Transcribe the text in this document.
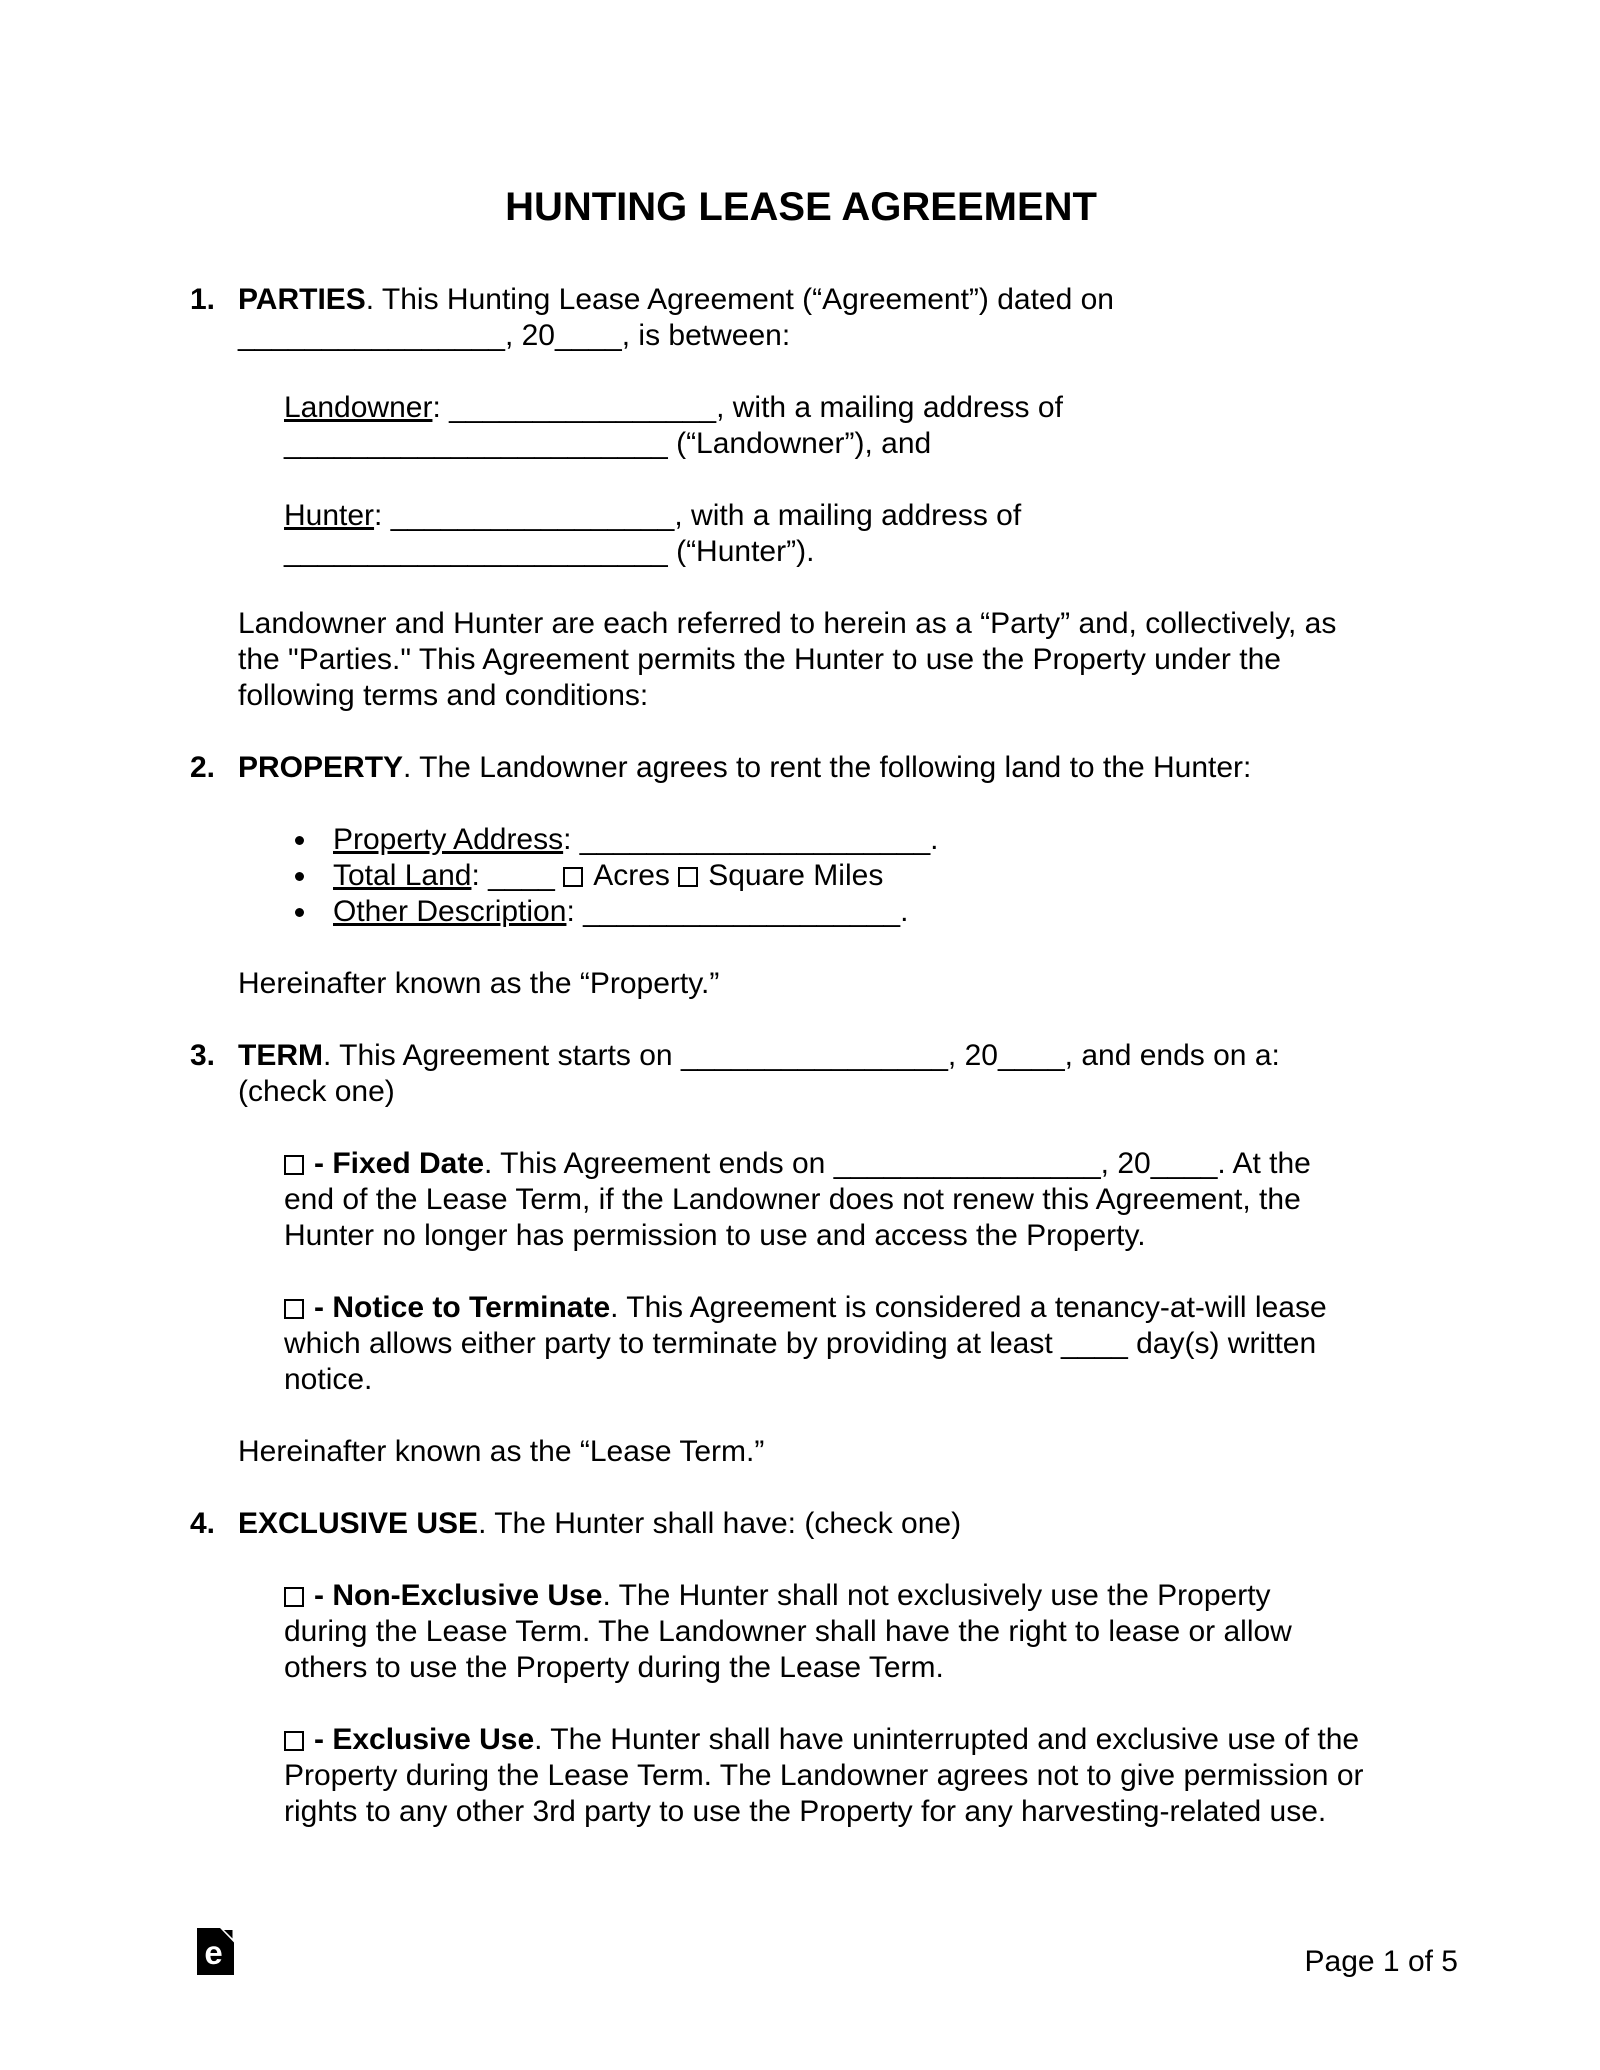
HUNTING LEASE AGREEMENT
1. PARTIES. This Hunting Lease Agreement (“Agreement”) dated on
________________, 20____, is between:

Landowner: ________________, with a mailing address of
_______________________ (“Landowner”), and

Hunter: _________________, with a mailing address of
_______________________ (“Hunter”).

Landowner and Hunter are each referred to herein as a “Party” and, collectively, as
the "Parties." This Agreement permits the Hunter to use the Property under the
following terms and conditions:

2. PROPERTY. The Landowner agrees to rent the following land to the Hunter:

Property Address: _____________________.
Total Land: ____ Acres Square Miles
Other Description: ___________________.

Hereinafter known as the “Property.”

3. TERM. This Agreement starts on ________________, 20____, and ends on a:
(check one)

- Fixed Date. This Agreement ends on ________________, 20____. At the
end of the Lease Term, if the Landowner does not renew this Agreement, the
Hunter no longer has permission to use and access the Property.

- Notice to Terminate. This Agreement is considered a tenancy-at-will lease
which allows either party to terminate by providing at least ____ day(s) written
notice.

Hereinafter known as the “Lease Term.”

4. EXCLUSIVE USE. The Hunter shall have: (check one)

- Non-Exclusive Use. The Hunter shall not exclusively use the Property
during the Lease Term. The Landowner shall have the right to lease or allow
others to use the Property during the Lease Term.

- Exclusive Use. The Hunter shall have uninterrupted and exclusive use of the
Property during the Lease Term. The Landowner agrees not to give permission or
rights to any other 3rd party to use the Property for any harvesting-related use.

e	Page 1 of 5
